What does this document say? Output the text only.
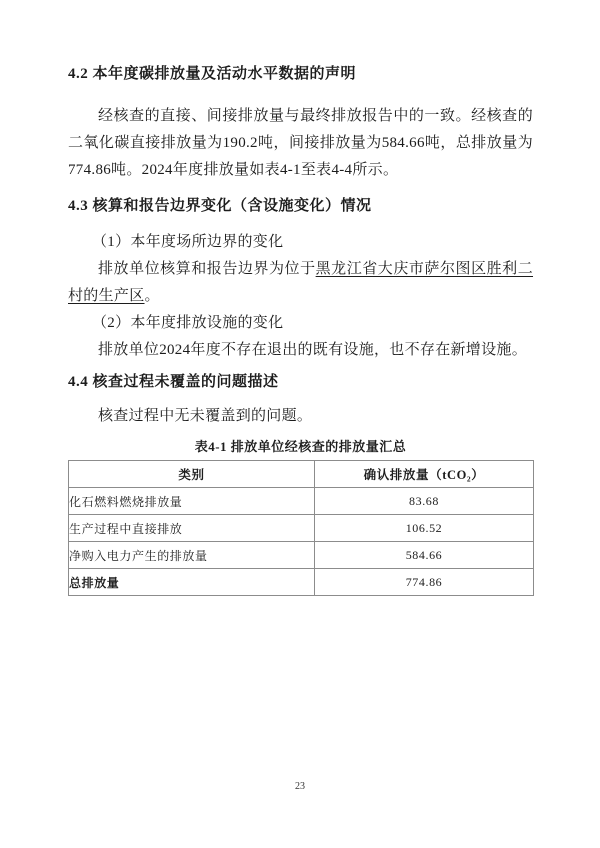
4.2 本年度碳排放量及活动水平数据的声明

经核查的直接、间接排放量与最终排放报告中的一致。经核查的二氧化碳直接排放量为190.2吨，间接排放量为584.66吨，总排放量为774.86吨。2024年度排放量如表4-1至表4-4所示。

4.3 核算和报告边界变化（含设施变化）情况

（1）本年度场所边界的变化

排放单位核算和报告边界为位于黑龙江省大庆市萨尔图区胜利二村的生产区。

（2）本年度排放设施的变化

排放单位2024年度不存在退出的既有设施，也不存在新增设施。

4.4 核查过程未覆盖的问题描述

核查过程中无未覆盖到的问题。

表4-1 排放单位经核查的排放量汇总

类别	确认排放量（tCO₂）
化石燃料燃烧排放量	83.68
生产过程中直接排放	106.52
净购入电力产生的排放量	584.66
总排放量	774.86
23
